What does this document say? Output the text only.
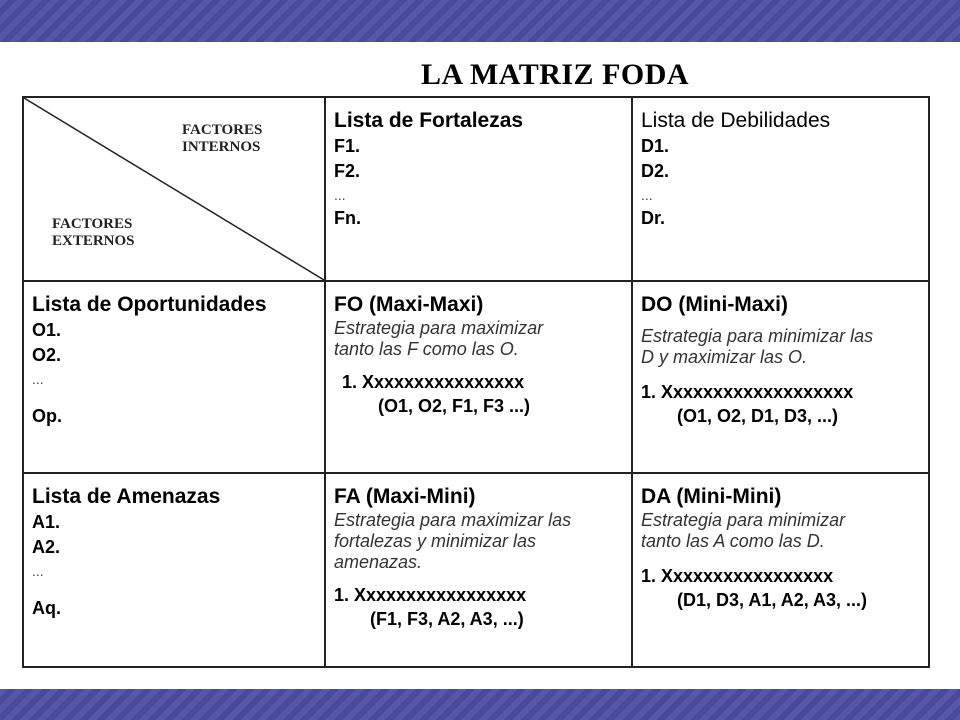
LA MATRIZ FODA
FACTORES
INTERNOS
FACTORES
EXTERNOS
Lista de Fortalezas
F1.
F2.
...
Fn.
Lista de Debilidades
D1.
D2.
...
Dr.
Lista de Oportunidades
O1.
O2.
...
Op.
FO (Maxi-Maxi)
Estrategia para maximizar
tanto las F como las O.
1. Xxxxxxxxxxxxxxxx
(O1, O2, F1, F3 ...)
DO (Mini-Maxi)
Estrategia para minimizar las
D y maximizar las O.
1. Xxxxxxxxxxxxxxxxxxx
(O1, O2, D1, D3, ...)
Lista de Amenazas
A1.
A2.
...
Aq.
FA (Maxi-Mini)
Estrategia para maximizar las
fortalezas y minimizar las
amenazas.
1. Xxxxxxxxxxxxxxxxx
(F1, F3, A2, A3, ...)
DA (Mini-Mini)
Estrategia para minimizar
tanto las A como las D.
1. Xxxxxxxxxxxxxxxxx
(D1, D3, A1, A2, A3, ...)
